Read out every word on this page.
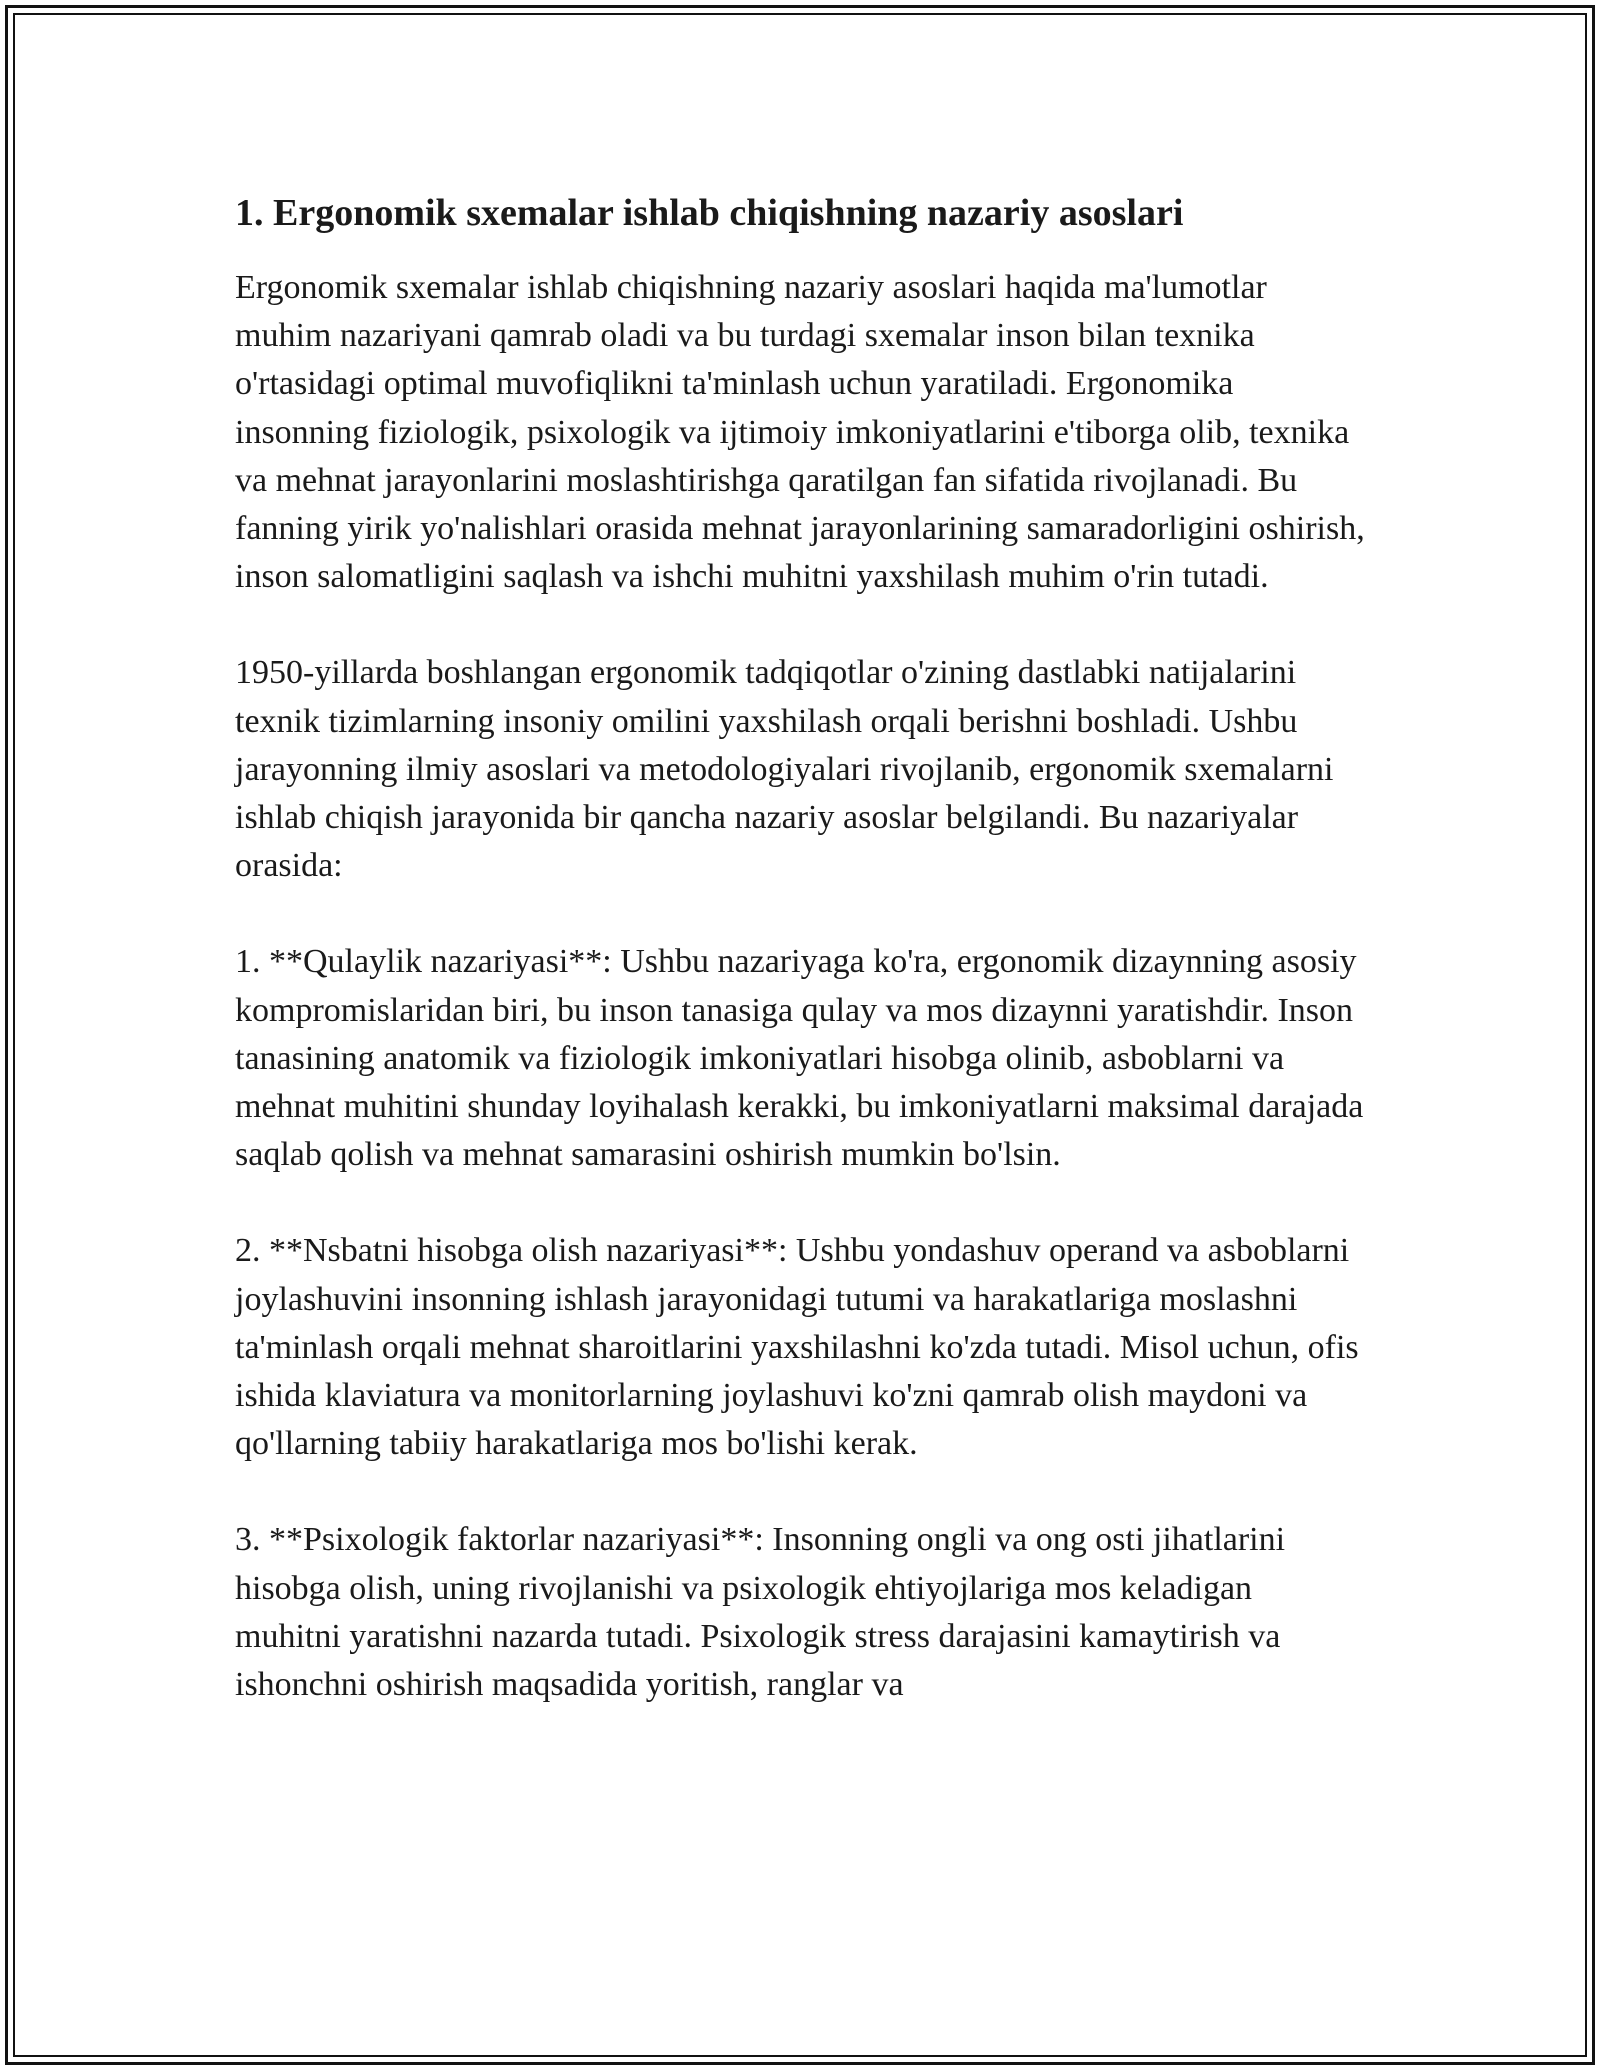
1. Ergonomik sxemalar ishlab chiqishning nazariy asoslari

Ergonomik sxemalar ishlab chiqishning nazariy asoslari haqida ma'lumotlar muhim nazariyani qamrab oladi va bu turdagi sxemalar inson bilan texnika o'rtasidagi optimal muvofiqlikni ta'minlash uchun yaratiladi. Ergonomika insonning fiziologik, psixologik va ijtimoiy imkoniyatlarini e'tiborga olib, texnika va mehnat jarayonlarini moslashtirishga qaratilgan fan sifatida rivojlanadi. Bu fanning yirik yo'nalishlari orasida mehnat jarayonlarining samaradorligini oshirish, inson salomatligini saqlash va ishchi muhitni yaxshilash muhim o'rin tutadi.

1950-yillarda boshlangan ergonomik tadqiqotlar o'zining dastlabki natijalarini texnik tizimlarning insoniy omilini yaxshilash orqali berishni boshladi. Ushbu jarayonning ilmiy asoslari va metodologiyalari rivojlanib, ergonomik sxemalarni ishlab chiqish jarayonida bir qancha nazariy asoslar belgilandi. Bu nazariyalar orasida:

1. **Qulaylik nazariyasi**: Ushbu nazariyaga ko'ra, ergonomik dizaynning asosiy kompromislaridan biri, bu inson tanasiga qulay va mos dizaynni yaratishdir. Inson tanasining anatomik va fiziologik imkoniyatlari hisobga olinib, asboblarni va mehnat muhitini shunday loyihalash kerakki, bu imkoniyatlarni maksimal darajada saqlab qolish va mehnat samarasini oshirish mumkin bo'lsin.

2. **Nsbatni hisobga olish nazariyasi**: Ushbu yondashuv operand va asboblarni joylashuvini insonning ishlash jarayonidagi tutumi va harakatlariga moslashni ta'minlash orqali mehnat sharoitlarini yaxshilashni ko'zda tutadi. Misol uchun, ofis ishida klaviatura va monitorlarning joylashuvi ko'zni qamrab olish maydoni va qo'llarning tabiiy harakatlariga mos bo'lishi kerak.

3. **Psixologik faktorlar nazariyasi**: Insonning ongli va ong osti jihatlarini hisobga olish, uning rivojlanishi va psixologik ehtiyojlariga mos keladigan muhitni yaratishni nazarda tutadi. Psixologik stress darajasini kamaytirish va ishonchni oshirish maqsadida yoritish, ranglar va
